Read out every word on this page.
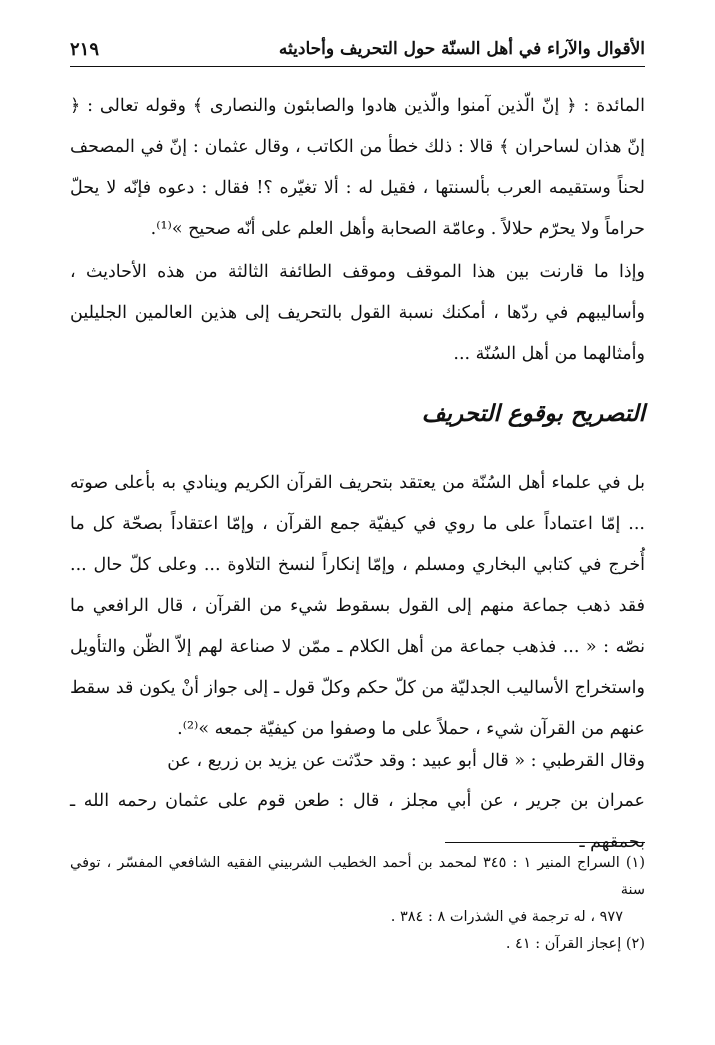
الأقوال والآراء في أهل السنّة حول التحريف وأحاديثه
٢١٩

المائدة : ﴿ إنّ الّذين آمنوا والّذين هادوا والصابئون والنصارى ﴾ وقوله تعالى : ﴿ إنّ هذان لساحران ﴾ قالا : ذلك خطأ من الكاتب ، وقال عثمان : إنّ في المصحف لحناً وستقيمه العرب بألسنتها ، فقيل له : ألا تغيّره ؟! فقال : دعوه فإنّه لا يحلّ حراماً ولا يحرّم حلالاً . وعامّة الصحابة وأهل العلم على أنّه صحيح »⁽¹⁾.

وإذا ما قارنت بين هذا الموقف وموقف الطائفة الثالثة من هذه الأحاديث ، وأساليبهم في ردّها ، أمكنك نسبة القول بالتحريف إلى هذين العالمين الجليلين وأمثالهما من أهل السُنّة ...

التصريح بوقوع التحريف

بل في علماء أهل السُنّة من يعتقد بتحريف القرآن الكريم وينادي به بأعلى صوته ... إمّا اعتماداً على ما روي في كيفيّة جمع القرآن ، وإمّا اعتقاداً بصحّة كل ما أُخرج في كتابي البخاري ومسلم ، وإمّا إنكاراً لنسخ التلاوة ... وعلى كلّ حال ... فقد ذهب جماعة منهم إلى القول بسقوط شيء من القرآن ، قال الرافعي ما نصّه : « ... فذهب جماعة من أهل الكلام ـ ممّن لا صناعة لهم إلاّ الظّن والتأويل واستخراج الأساليب الجدليّة من كلّ حكم وكلّ قول ـ إلى جواز أنْ يكون قد سقط عنهم من القرآن شيء ، حملاً على ما وصفوا من كيفيّة جمعه »⁽²⁾.

وقال القرطبي : « قال أبو عبيد : وقد حدّثت عن يزيد بن زريع ، عن

عمران بن جرير ، عن أبي مجلز ، قال : طعن قوم على عثمان رحمه الله ـ بحمقهم ـ

(١) السراج المنير ١ : ٣٤٥ لمحمد بن أحمد الخطيب الشربيني الفقيه الشافعي المفسّر ، توفي سنة

٩٧٧ ، له ترجمة في الشذرات ٨ : ٣٨٤ .

(٢) إعجاز القرآن : ٤١ .
